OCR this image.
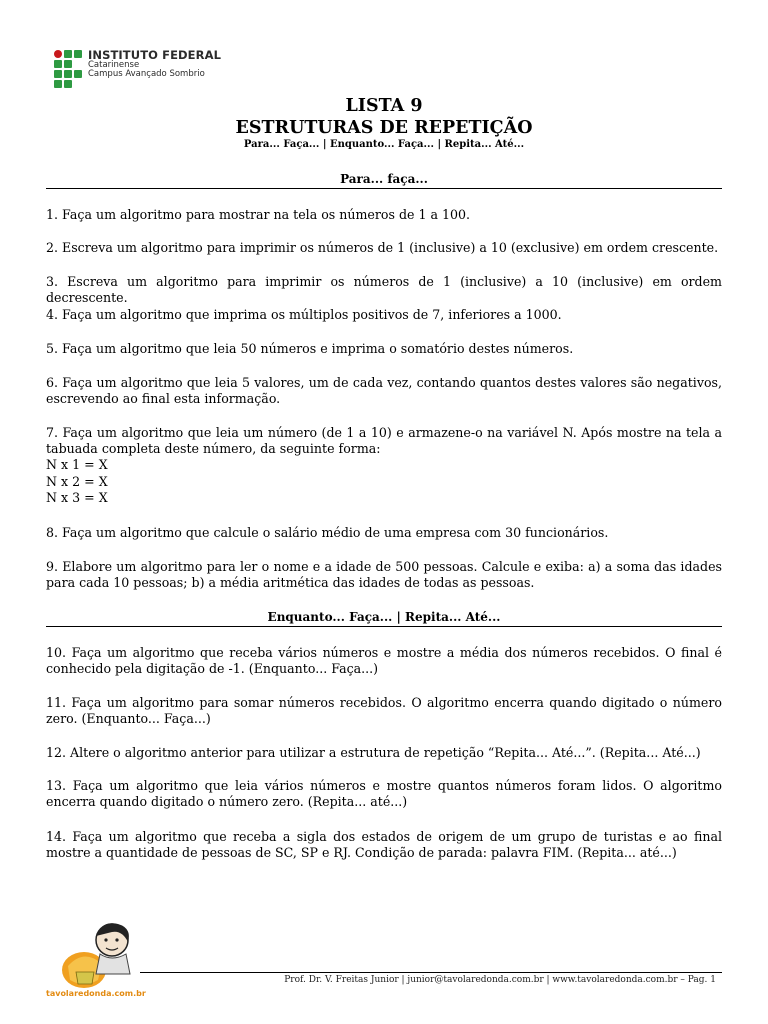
INSTITUTO FEDERAL
Catarinense
Campus Avançado Sombrio
LISTA 9
ESTRUTURAS DE REPETIÇÃO
Para... Faça... | Enquanto... Faça... | Repita... Até...
Para... faça...
1. Faça um algoritmo para mostrar na tela os números de 1 a 100.
2. Escreva um algoritmo para imprimir os números de 1 (inclusive) a 10 (exclusive) em ordem crescente.
3. Escreva um algoritmo para imprimir os números de 1 (inclusive) a 10 (inclusive) em ordem decrescente.
4. Faça um algoritmo que imprima os múltiplos positivos de 7, inferiores a 1000.
5. Faça um algoritmo que leia 50 números e imprima o somatório destes números.
6. Faça um algoritmo que leia 5 valores, um de cada vez, contando quantos destes valores são negativos, escrevendo ao final esta informação.
7. Faça um algoritmo que leia um número (de 1 a 10) e armazene-o na variável N. Após mostre na tela a tabuada completa deste número, da seguinte forma:
N x 1 = X
N x 2 = X
N x 3 = X
8. Faça um algoritmo que calcule o salário médio de uma empresa com 30 funcionários.
9. Elabore um algoritmo para ler o nome e a idade de 500 pessoas. Calcule e exiba: a) a soma das idades para cada 10 pessoas; b) a média aritmética das idades de todas as pessoas.
Enquanto... Faça... | Repita... Até...
10. Faça um algoritmo que receba vários números e mostre a média dos números recebidos. O final é conhecido pela digitação de -1. (Enquanto... Faça...)
11. Faça um algoritmo para somar números recebidos. O algoritmo encerra quando digitado o número zero. (Enquanto... Faça...)
12. Altere o algoritmo anterior para utilizar a estrutura de repetição “Repita... Até...”. (Repita... Até...)
13. Faça um algoritmo que leia vários números e mostre quantos números foram lidos. O algoritmo encerra quando digitado o número zero. (Repita... até...)
14. Faça um algoritmo que receba a sigla dos estados de origem de um grupo de turistas e ao final mostre a quantidade de pessoas de SC, SP e RJ. Condição de parada: palavra FIM. (Repita... até...)
tavolaredonda.com.br
Prof. Dr. V. Freitas Junior | junior@tavolaredonda.com.br | www.tavolaredonda.com.br – Pag. 1
